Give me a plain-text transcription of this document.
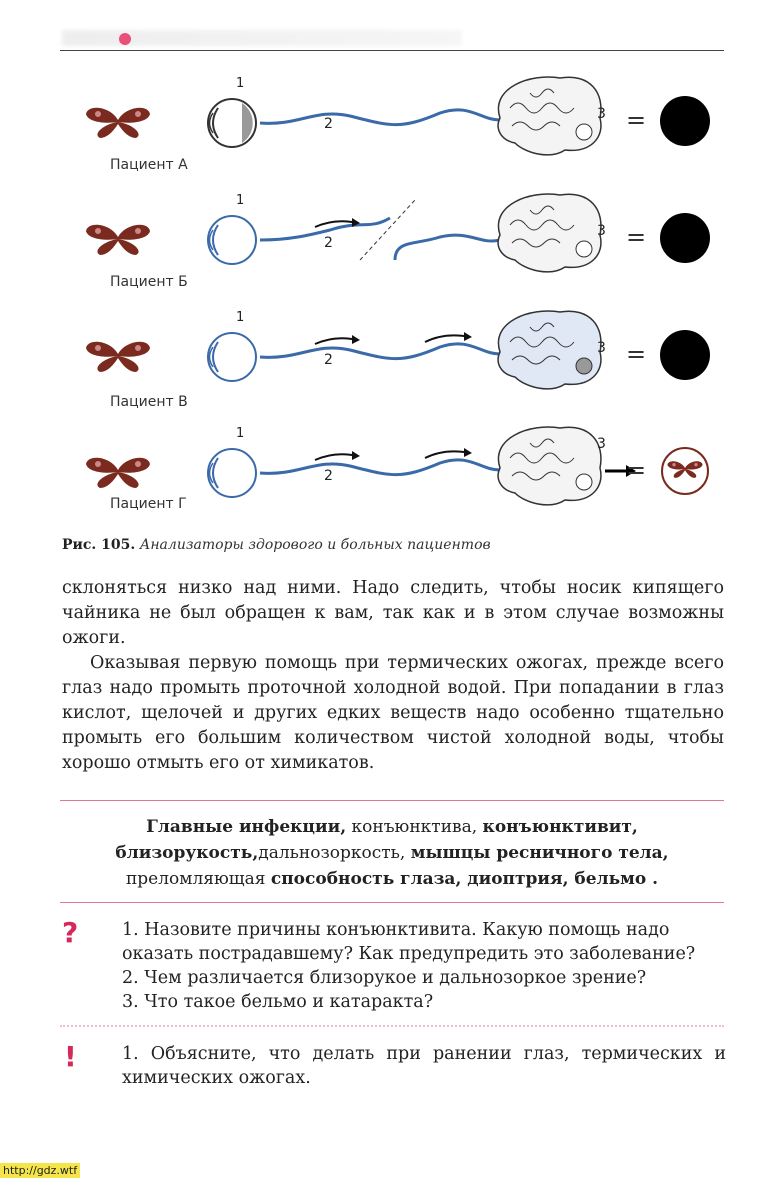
1
2
3 =
Пациент А
1
2
3 =
Пациент Б
1
2
3 =
Пациент В
1
2
3
=
Пациент Г
Рис. 105. Анализаторы здорового и больных пациентов
склоняться низко над ними. Надо следить, чтобы носик кипящего чайника не был обращен к вам, так как и в этом случае возможны ожоги.
Оказывая первую помощь при термических ожогах, прежде всего глаз надо промыть проточной холодной водой. При попадании в глаз кислот, щелочей и других едких веществ надо особенно тщательно промыть его большим количеством чистой холодной воды, чтобы хорошо отмыть его от химикатов.
Главные инфекции, конъюнктива, конъюнктивит,
близорукость,дальнозоркость, мышцы ресничного тела,
преломляющая способность глаза, диоптрия, бельмо .
?	1. Назовите причины конъюнктивита. Какую помощь надо оказать пострадавшему? Как предупредить это заболевание?
2. Чем различается близорукое и дальнозоркое зрение?
3. Что такое бельмо и катаракта?
!	1. Объясните, что делать при ранении глаз, термических и химических ожогах.
http://gdz.wtf
